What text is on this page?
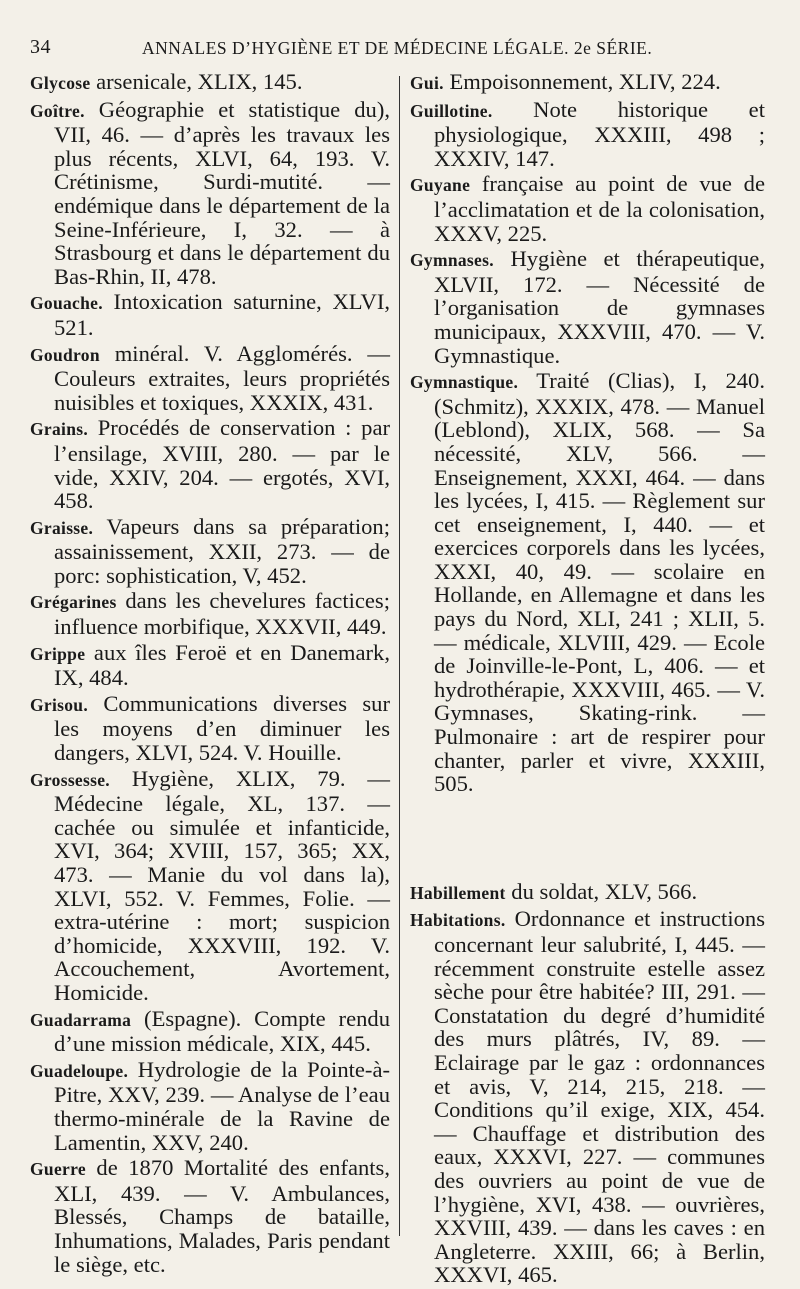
34	ANNALES D’HYGIÈNE ET DE MÉDECINE LÉGALE. 2e SÉRIE.

Glycose arsenicale, XLIX, 145.

Goître. Géographie et statistique du), VII, 46. — d’après les travaux les plus récents, XLVI, 64, 193. V. Crétinisme, Surdi-mutité. — endémique dans le département de la Seine-Inférieure, I, 32. — à Strasbourg et dans le département du Bas-Rhin, II, 478.

Gouache. Intoxication saturnine, XLVI, 521.

Goudron minéral. V. Agglomérés. — Couleurs extraites, leurs propriétés nuisibles et toxiques, XXXIX, 431.

Grains. Procédés de conservation : par l’ensilage, XVIII, 280. — par le vide, XXIV, 204. — ergotés, XVI, 458.

Graisse. Vapeurs dans sa préparation; assainissement, XXII, 273. — de porc: sophistication, V, 452.

Grégarines dans les chevelures factices; influence morbifique, XXXVII, 449.

Grippe aux îles Feroë et en Danemark, IX, 484.

Grisou. Communications diverses sur les moyens d’en diminuer les dangers, XLVI, 524. V. Houille.

Grossesse. Hygiène, XLIX, 79. — Médecine légale, XL, 137. — cachée ou simulée et infanticide, XVI, 364; XVIII, 157, 365; XX, 473. — Manie du vol dans la), XLVI, 552. V. Femmes, Folie. — extra-utérine : mort; suspicion d’homicide, XXXVIII, 192. V. Accouchement, Avortement, Homicide.

Guadarrama (Espagne). Compte rendu d’une mission médicale, XIX, 445.

Guadeloupe. Hydrologie de la Pointe-à-Pitre, XXV, 239. — Analyse de l’eau thermo-minérale de la Ravine de Lamentin, XXV, 240.

Guerre de 1870 Mortalité des enfants, XLI, 439. — V. Ambulances, Blessés, Champs de bataille, Inhumations, Malades, Paris pendant le siège, etc.

Gui. Empoisonnement, XLIV, 224.

Guillotine. Note historique et physiologique, XXXIII, 498 ; XXXIV, 147.

Guyane française au point de vue de l’acclimatation et de la colonisation, XXXV, 225.

Gymnases. Hygiène et thérapeutique, XLVII, 172. — Nécessité de l’organisation de gymnases municipaux, XXXVIII, 470. — V. Gymnastique.

Gymnastique. Traité (Clias), I, 240. (Schmitz), XXXIX, 478. — Manuel (Leblond), XLIX, 568. — Sa nécessité, XLV, 566. — Enseignement, XXXI, 464. — dans les lycées, I, 415. — Règlement sur cet enseignement, I, 440. — et exercices corporels dans les lycées, XXXI, 40, 49. — scolaire en Hollande, en Allemagne et dans les pays du Nord, XLI, 241 ; XLII, 5. — médicale, XLVIII, 429. — Ecole de Joinville-le-Pont, L, 406. — et hydrothérapie, XXXVIII, 465. — V. Gymnases, Skating-rink. — Pulmonaire : art de respirer pour chanter, parler et vivre, XXXIII, 505.

Habillement du soldat, XLV, 566.

Habitations. Ordonnance et instructions concernant leur salubrité, I, 445. — récemment construite estelle assez sèche pour être habitée? III, 291. — Constatation du degré d’humidité des murs plâtrés, IV, 89. — Eclairage par le gaz : ordonnances et avis, V, 214, 215, 218. — Conditions qu’il exige, XIX, 454. — Chauffage et distribution des eaux, XXXVI, 227. — communes des ouvriers au point de vue de l’hygiène, XVI, 438. — ouvrières, XXVIII, 439. — dans les caves : en Angleterre. XXIII, 66; à Berlin, XXXVI, 465.
